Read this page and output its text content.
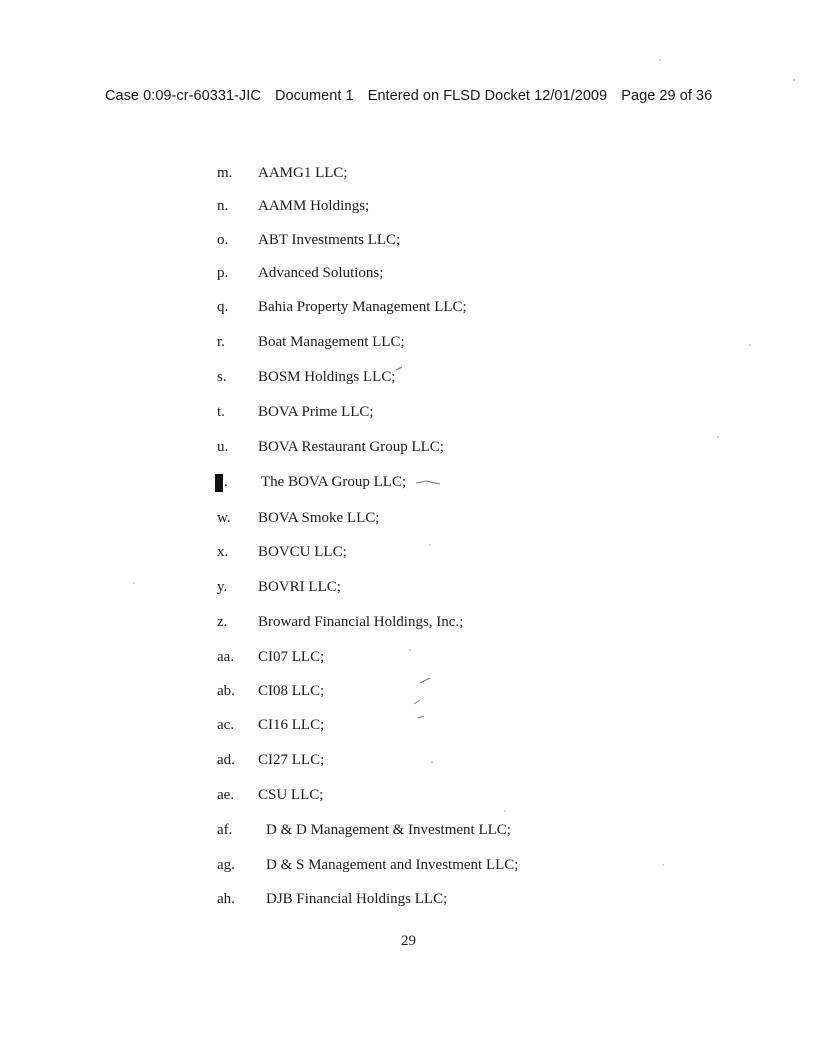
Case 0:09-cr-60331-JIC Document 1 Entered on FLSD Docket 12/01/2009 Page 29 of 36
m. AAMG1 LLC;
n. AAMM Holdings;
o. ABT Investments LLC;
p. Advanced Solutions;
q. Bahia Property Management LLC;
r. Boat Management LLC;
s. BOSM Holdings LLC;
t. BOVA Prime LLC;
u. BOVA Restaurant Group LLC;
. The BOVA Group LLC;
w. BOVA Smoke LLC;
x. BOVCU LLC;
y. BOVRI LLC;
z. Broward Financial Holdings, Inc.;
aa. CI07 LLC;
ab. CI08 LLC;
ac. CI16 LLC;
ad. CI27 LLC;
ae. CSU LLC;
af. D & D Management & Investment LLC;
ag. D & S Management and Investment LLC;
ah. DJB Financial Holdings LLC;
29
